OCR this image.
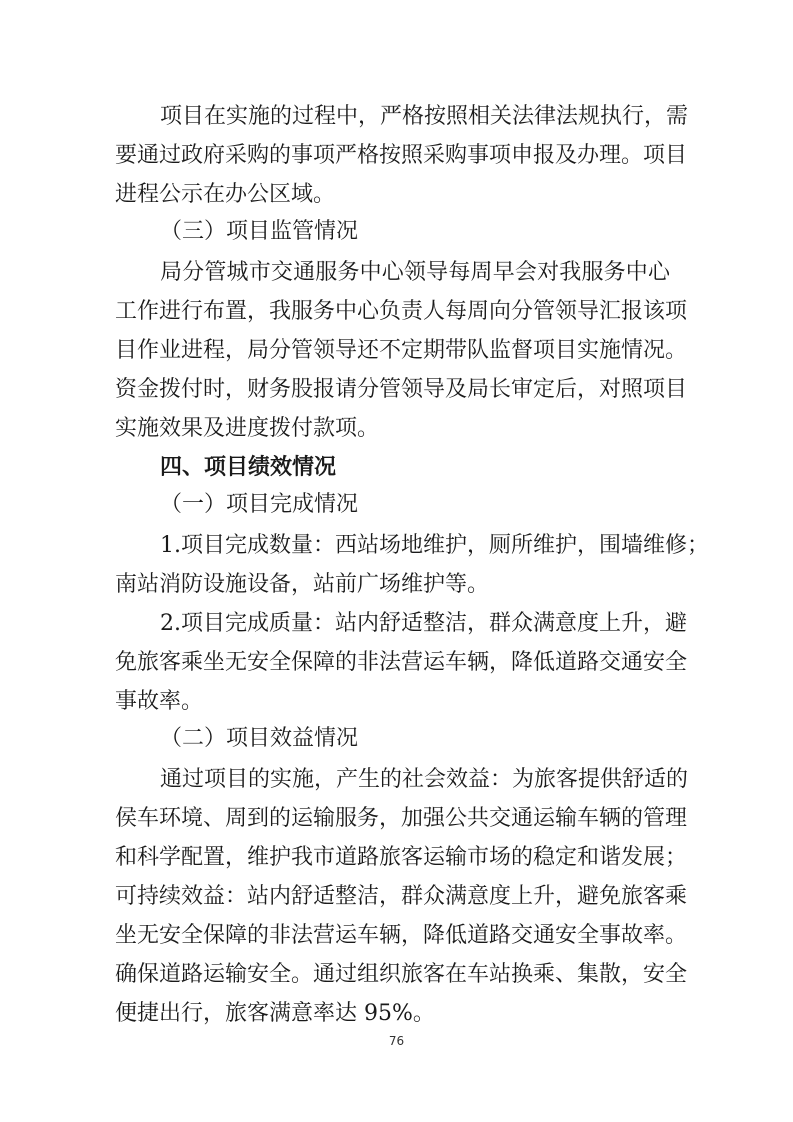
项目在实施的过程中，严格按照相关法律法规执行，需
要通过政府采购的事项严格按照采购事项申报及办理。项目
进程公示在办公区域。
（三）项目监管情况
局分管城市交通服务中心领导每周早会对我服务中心
工作进行布置，我服务中心负责人每周向分管领导汇报该项
目作业进程，局分管领导还不定期带队监督项目实施情况。
资金拨付时，财务股报请分管领导及局长审定后，对照项目
实施效果及进度拨付款项。
四、项目绩效情况
（一）项目完成情况
1.项目完成数量：西站场地维护，厕所维护，围墙维修；
南站消防设施设备，站前广场维护等。
2.项目完成质量：站内舒适整洁，群众满意度上升，避
免旅客乘坐无安全保障的非法营运车辆，降低道路交通安全
事故率。
（二）项目效益情况
通过项目的实施，产生的社会效益：为旅客提供舒适的
侯车环境、周到的运输服务，加强公共交通运输车辆的管理
和科学配置，维护我市道路旅客运输市场的稳定和谐发展；
可持续效益：站内舒适整洁，群众满意度上升，避免旅客乘
坐无安全保障的非法营运车辆，降低道路交通安全事故率。
确保道路运输安全。通过组织旅客在车站换乘、集散，安全
便捷出行，旅客满意率达 95%。
76
